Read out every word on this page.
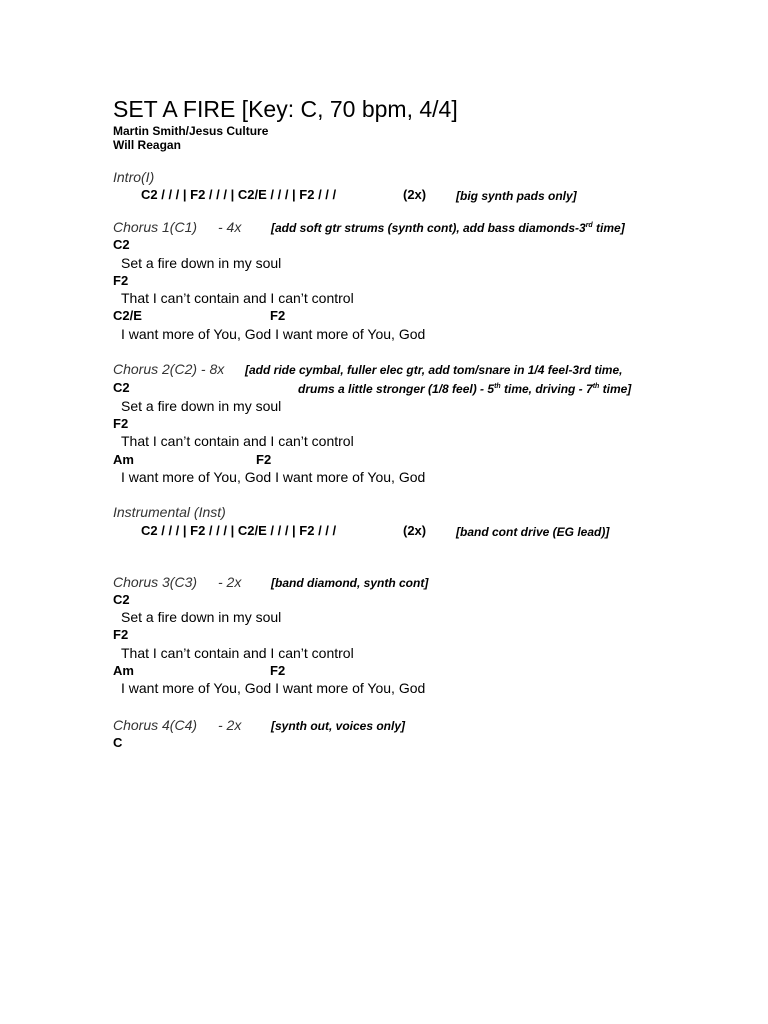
SET A FIRE [Key: C, 70 bpm, 4/4]
Martin Smith/Jesus Culture
Will Reagan
Intro(I)
C2 / / / | F2 / / / | C2/E / / / | F2 / / /	(2x) [big synth pads only]
Chorus 1(C1) - 4x [add soft gtr strums (synth cont), add bass diamonds-3rd time]
C2
Set a fire down in my soul
F2
That I can’t contain and I can’t control
C2/E	F2
I want more of You, God I want more of You, God
Chorus 2(C2) - 8x [add ride cymbal, fuller elec gtr, add tom/snare in 1/4 feel-3rd time,
C2	drums a little stronger (1/8 feel) - 5th time, driving - 7th time]
Set a fire down in my soul
F2
That I can’t contain and I can’t control
Am	F2
I want more of You, God I want more of You, God
Instrumental (Inst)
C2 / / / | F2 / / / | C2/E / / / | F2 / / /	(2x) [band cont drive (EG lead)]
Chorus 3(C3) - 2x [band diamond, synth cont]
C2
Set a fire down in my soul
F2
That I can’t contain and I can’t control
Am	F2
I want more of You, God I want more of You, God
Chorus 4(C4) - 2x [synth out, voices only]
C
